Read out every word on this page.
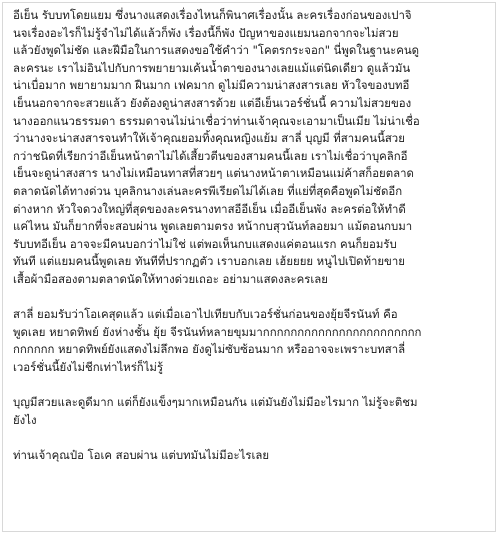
อีเย็น รับบทโดยแยม ซึ่งนางแสดงเรื่องไหนก็พินาศเรื่องนั้น ละครเรื่องก่อนของเปาจิ
นจเรื่องอะไรก็ไม่รู้จำไม่ได้แล้วก็พัง เรื่องนี้ก็พัง ปัญหาของแยมนอกจากจะไม่สวย
แล้วยังพูดไม่ชัด และฝีมือในการแสดงขอใช้คำว่า "โคตรกระจอก" นี่พูดในฐานะคนดู
ละครนะ เราไม่อินไปกับการพยายามเค้นน้ำตาของนางเลยแม้แต่นิดเดียว ดูแล้วมัน
น่าเบื่อมาก พยายามมาก ฝืนมาก เฟคมาก ดูไม่มีความน่าสงสารเลย หัวใจของบทอี
เย็นนอกจากจะสวยแล้ว ยังต้องดูน่าสงสารด้วย แต่อีเย็นเวอร์ชั่นนี้ ความไม่สวยของ
นางออกแนวธรรมดา ธรรมดาจนไม่น่าเชื่อว่าท่านเจ้าคุณจะเอามาเป็นเมีย ไม่น่าเชื่อ
ว่านางจะน่าสงสารจนทำให้เจ้าคุณยอมทิ้งคุณหญิงแย้ม สาลี่ บุญมี ที่สามคนนี้สวย
กว่าชนิดที่เรียกว่าอีเย็นหน้าตาไม่ได้เสี้ยวตีนของสามคนนี้เลย เราไม่เชื่อว่าบุคลิกอี
เย็นจะดูน่าสงสาร นางไม่เหมือนทาสที่สวยๆ แต่นางหน้าตาเหมือนแม่ค้าสก็อยตลาด
ตลาดนัดได้ทางด่วน บุคลิกนางเล่นละครพีเรียดไม่ได้เลย ที่แย่ที่สุดคือพูดไม่ชัดอีก
ต่างหาก หัวใจดวงใหญ่ที่สุดของละครนางทาสอีอีเย็น เมื่ออีเย็นพัง ละครต่อให้ทำดี
แค่ไหน มันก็ยากที่จะสอบผ่าน พูดเลยตามตรง หน้ากบสุวนันท์ลอยมา แม้ตอนกบมา
รับบทอีเย็น อาจจะมีคนบอกว่าไม่ใช่ แต่พอเห็นกบแสดงแค่ตอนแรก คนก็ยอมรับ
ทันที แต่แยมคนนี้พูดเลย ทันทีที่ปรากฏตัว เราบอกเลย เฮ้ยยยย หนูไปเปิดท้ายขาย
เสื้อผ้ามือสองตามตลาดนัดให้ทางด่วยเถอะ อย่ามาแสดงละครเลย

สาลี่ ยอมรับว่าโอเคสุดแล้ว แต่เมื่อเอาไปเทียบกับเวอร์ชั่นก่อนของยุ้ยจีรนันท์ คือ
พูดเลย หยาดทิพย์ ยังห่างชั้น ยุ้ย จีรนันท์หลายขุมมากกกกกกกกกกกกกกกกกกกกกกก
กกกกกก หยาดทิพย์ยังแสดงไม่ลึกพอ ยังดูไม่ซับซ้อนมาก หรืออาจจะเพราะบทสาลี่
เวอร์ชั่นนี้ยังไม่ชีกเท่าไหร่ก็ไม่รู้

บุญมีสวยและดูดีมาก แต่ก็ยังแข็งๆมากเหมือนกัน แต่มันยังไม่มีอะไรมาก ไม่รู้จะติชม
ยังไง

ท่านเจ้าคุณป๋อ โอเค สอบผ่าน แต่บทมันไม่มีอะไรเลย
